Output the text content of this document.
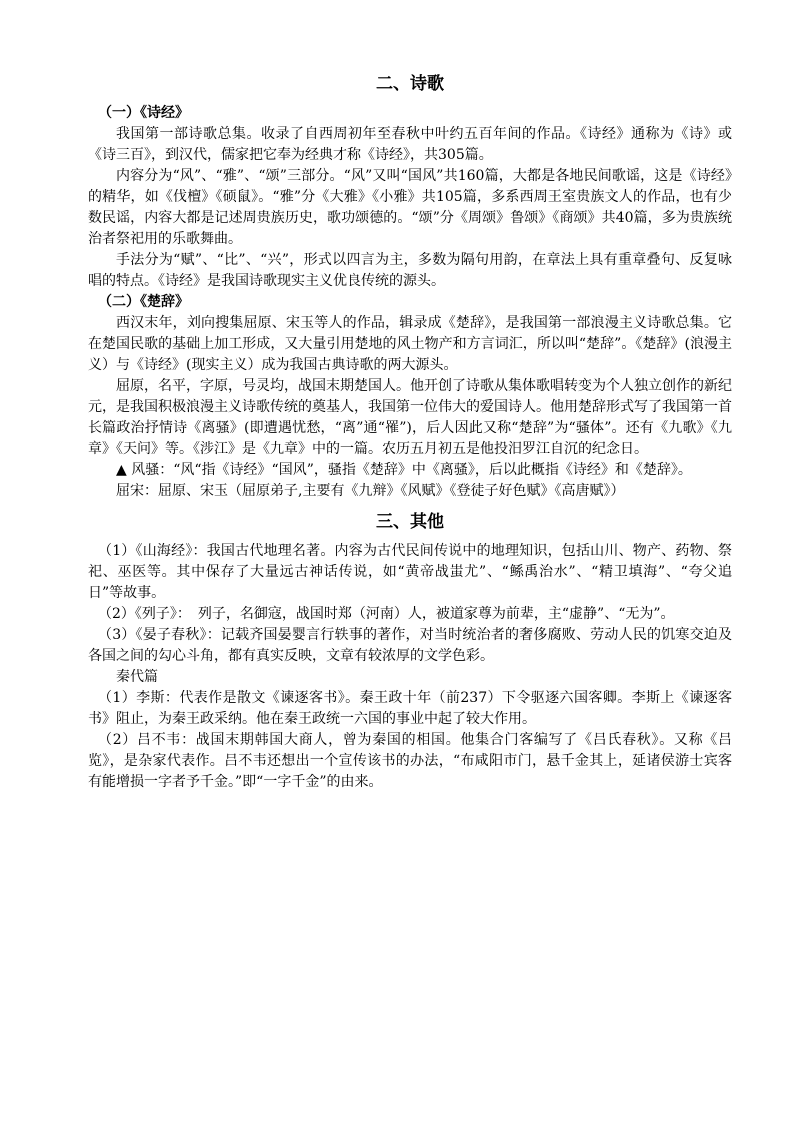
二、诗歌
（一）《诗经》

我国第一部诗歌总集。收录了自西周初年至春秋中叶约五百年间的作品。《诗经》通称为《诗》或《诗三百》，到汉代，儒家把它奉为经典才称《诗经》，共305篇。

内容分为“风”、“雅”、“颂”三部分。“风”又叫“国风”共160篇，大都是各地民间歌谣，这是《诗经》的精华，如《伐檀》《硕鼠》。“雅”分《大雅》《小雅》共105篇，多系西周王室贵族文人的作品，也有少数民谣，内容大都是记述周贵族历史，歌功颂德的。“颂”分《周颂》鲁颂》《商颂》共40篇，多为贵族统治者祭祀用的乐歌舞曲。

手法分为“赋”、“比”、“兴”，形式以四言为主，多数为隔句用韵，在章法上具有重章叠句、反复咏唱的特点。《诗经》是我国诗歌现实主义优良传统的源头。

（二）《楚辞》

西汉末年，刘向搜集屈原、宋玉等人的作品，辑录成《楚辞》，是我国第一部浪漫主义诗歌总集。它在楚国民歌的基础上加工形成，又大量引用楚地的风土物产和方言词汇，所以叫“楚辞”。《楚辞》(浪漫主义）与《诗经》(现实主义）成为我国古典诗歌的两大源头。

屈原，名平，字原，号灵均，战国末期楚国人。他开创了诗歌从集体歌唱转变为个人独立创作的新纪元，是我国积极浪漫主义诗歌传统的奠基人，我国第一位伟大的爱国诗人。他用楚辞形式写了我国第一首长篇政治抒情诗《离骚》(即遭遇忧愁，“离”通“罹”)，后人因此又称“楚辞”为“骚体”。还有《九歌》《九章》《天问》等。《涉江》是《九章》中的一篇。农历五月初五是他投汨罗江自沉的纪念日。

▲ 风骚：“风“指《诗经》“国风”，骚指《楚辞》中《离骚》，后以此概指《诗经》和《楚辞》。

屈宋：屈原、宋玉（屈原弟子,主要有《九辩》《风赋》《登徒子好色赋》《高唐赋》）

三、其他

（1）《山海经》：我国古代地理名著。内容为古代民间传说中的地理知识，包括山川、物产、药物、祭祀、巫医等。其中保存了大量远古神话传说，如“黄帝战蚩尤”、“鲧禹治水”、“精卫填海”、“夸父追日”等故事。

（2）《列子》：　列子，名御寇，战国时郑（河南）人，被道家尊为前辈，主“虚静”、“无为”。

（3）《晏子春秋》：记载齐国晏婴言行轶事的著作，对当时统治者的奢侈腐败、劳动人民的饥寒交迫及各国之间的勾心斗角，都有真实反映，文章有较浓厚的文学色彩。

秦代篇

（1）李斯：代表作是散文《谏逐客书》。秦王政十年（前237）下令驱逐六国客卿。李斯上《谏逐客书》阻止，为秦王政采纳。他在秦王政统一六国的事业中起了较大作用。

（2）吕不韦：战国末期韩国大商人，曾为秦国的相国。他集合门客编写了《吕氏春秋》。又称《吕览》，是杂家代表作。吕不韦还想出一个宣传该书的办法，“布咸阳市门，悬千金其上，延诸侯游士宾客有能增损一字者予千金。”即“一字千金”的由来。
